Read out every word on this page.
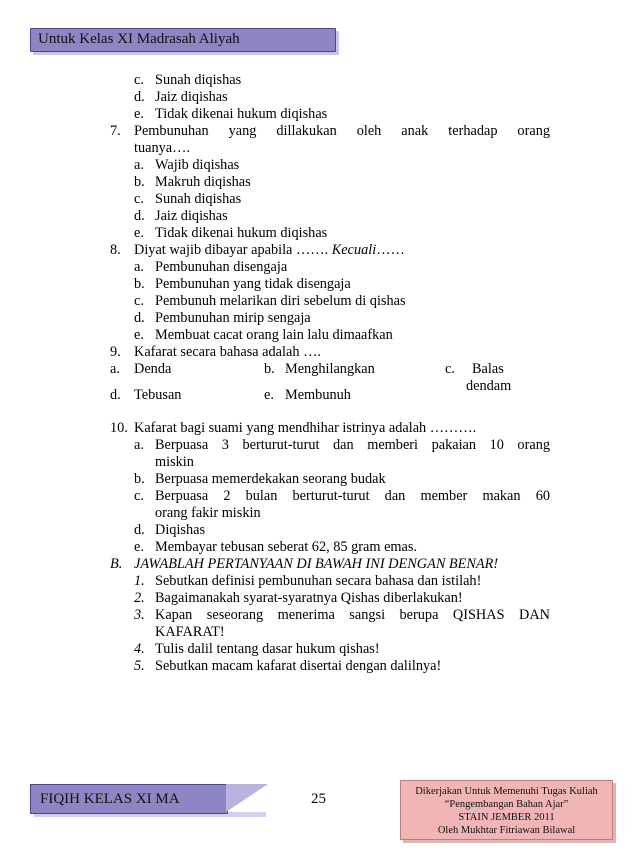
Untuk Kelas XI Madrasah Aliyah
c. Sunah diqishas
d. Jaiz diqishas
e. Tidak dikenai hukum diqishas
7. Pembunuhan yang dillakukan oleh anak terhadap orang
tuanya….
a. Wajib diqishas
b. Makruh diqishas
c. Sunah diqishas
d. Jaiz diqishas
e. Tidak dikenai hukum diqishas
8. Diyat wajib dibayar apabila ……. Kecuali……
a. Pembunuhan disengaja
b. Pembunuhan yang tidak disengaja
c. Pembunuh melarikan diri sebelum di qishas
d. Pembunuhan mirip sengaja
e. Membuat cacat orang lain lalu dimaafkan
9. Kafarat secara bahasa adalah ….
a. Denda	b. Menghilangkan	c. Balas
dendam
d. Tebusan	e. Membunuh
10. Kafarat bagi suami yang mendhihar istrinya adalah ……….
a. Berpuasa 3 berturut-turut dan memberi pakaian 10 orang
miskin
b. Berpuasa memerdekakan seorang budak
c. Berpuasa 2 bulan berturut-turut dan member makan 60
orang fakir miskin
d. Diqishas
e. Membayar tebusan seberat 62, 85 gram emas.
B. JAWABLAH PERTANYAAN DI BAWAH INI DENGAN BENAR!
1. Sebutkan definisi pembunuhan secara bahasa dan istilah!
2. Bagaimanakah syarat-syaratnya Qishas diberlakukan!
3. Kapan seseorang menerima sangsi berupa QISHAS DAN
KAFARAT!
4. Tulis dalil tentang dasar hukum qishas!
5. Sebutkan macam kafarat disertai dengan dalilnya!
FIQIH KELAS XI MA	25	Dikerjakan Untuk Memenuhi Tugas Kuliah
“Pengembangan Bahan Ajar”
STAIN JEMBER 2011
Oleh Mukhtar Fitriawan Bilawal
